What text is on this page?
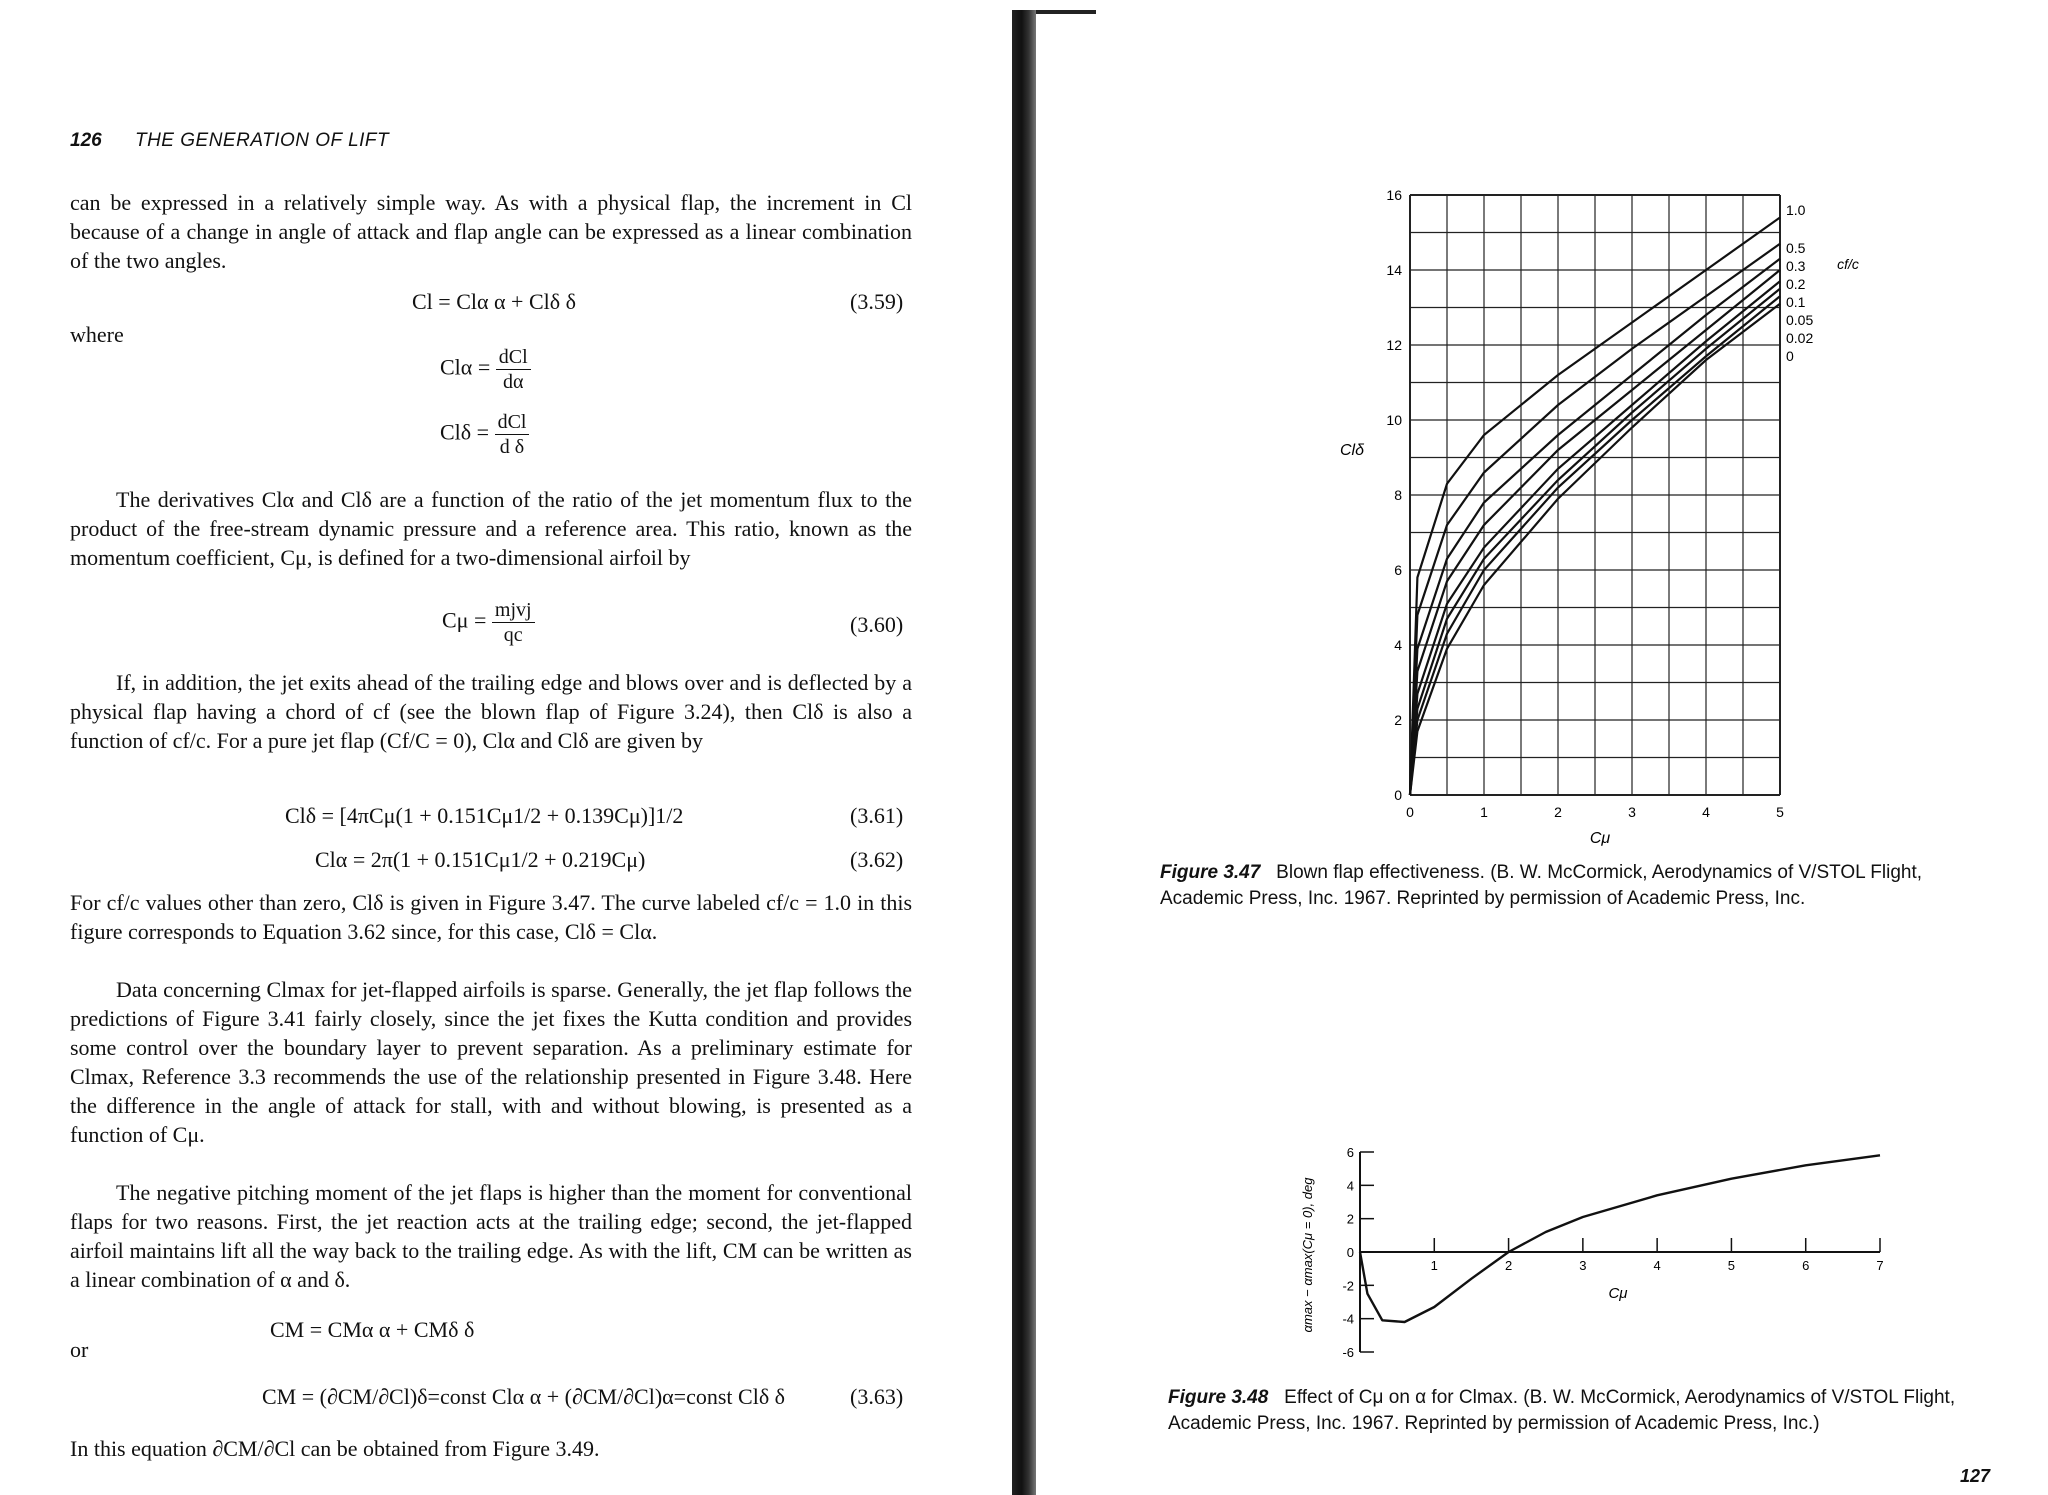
126 THE GENERATION OF LIFT
can be expressed in a relatively simple way. As with a physical flap, the increment in Cl because of a change in angle of attack and flap angle can be expressed as a linear combination of the two angles.
Cl = Clα α + Clδ δ	(3.59)
where
$Cl\alpha = \frac{\text{dCl}}{d\alpha}$
$Cl\delta = \frac{\text{dCl}}{\text{d δ}}$
The derivatives Clα and Clδ are a function of the ratio of the jet momentum flux to the product of the free-stream dynamic pressure and a reference area. This ratio, known as the momentum coefficient, Cμ, is defined for a two-dimensional airfoil by
$C\mu = \frac{\text{mjvj}}{qc}$	(3.60)
If, in addition, the jet exits ahead of the trailing edge and blows over and is deflected by a physical flap having a chord of cf (see the blown flap of Figure 3.24), then Clδ is also a function of cf/c. For a pure jet flap (Cf/C = 0), Clα and Clδ are given by
Clδ = [4πCμ(1 + 0.151Cμ1/2 + 0.139Cμ)]1/2	(3.61)
Clα = 2π(1 + 0.151Cμ1/2 + 0.219Cμ)	(3.62)
For cf/c values other than zero, Clδ is given in Figure 3.47. The curve labeled cf/c = 1.0 in this figure corresponds to Equation 3.62 since, for this case, Clδ = Clα.
Data concerning Clmax for jet-flapped airfoils is sparse. Generally, the jet flap follows the predictions of Figure 3.41 fairly closely, since the jet fixes the Kutta condition and provides some control over the boundary layer to prevent separation. As a preliminary estimate for Clmax, Reference 3.3 recommends the use of the relationship presented in Figure 3.48. Here the difference in the angle of attack for stall, with and without blowing, is presented as a function of Cμ.
The negative pitching moment of the jet flaps is higher than the moment for conventional flaps for two reasons. First, the jet reaction acts at the trailing edge; second, the jet-flapped airfoil maintains lift all the way back to the trailing edge. As with the lift, CM can be written as a linear combination of α and δ.
CM = CMα α + CMδ δ
or
CM = (∂CM/∂Cl)δ=const Clα α + (∂CM/∂Cl)α=const Clδ δ	(3.63)
In this equation ∂CM/∂Cl can be obtained from Figure 3.49.
0
2
4
6
8
10
12
14
16
0	1	2	3	4	5
1.0
0.5
0.3
0.2
0.1
0.05
0.02
0
Clδ
Cμ
cf/c
Figure 3.47 Blown flap effectiveness. (B. W. McCormick, Aerodynamics of V/STOL Flight, Academic Press, Inc. 1967. Reprinted by permission of Academic Press, Inc.
6
4
2
0
-2
-4
-6
1	2	3	4	5	6	7
Cμ
αmax − αmax(Cμ = 0), deg
Figure 3.48 Effect of Cμ on α for Clmax. (B. W. McCormick, Aerodynamics of V/STOL Flight, Academic Press, Inc. 1967. Reprinted by permission of Academic Press, Inc.)
127
